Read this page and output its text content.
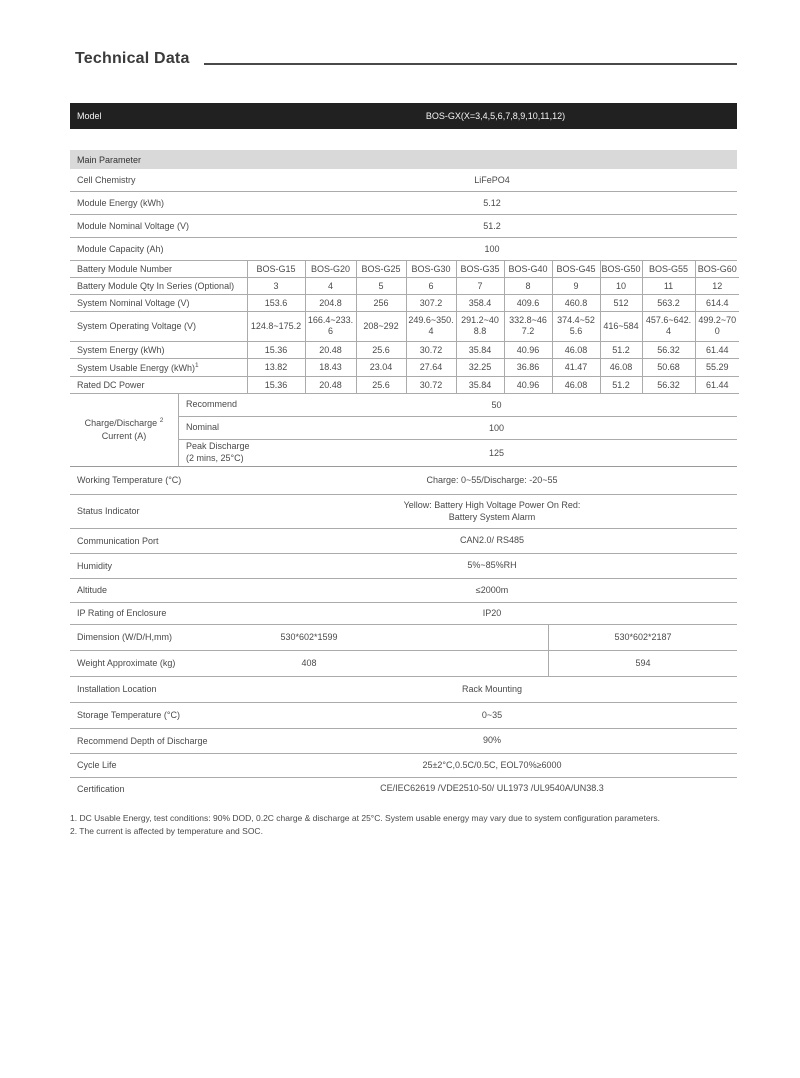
Technical Data
Model	BOS-GX(X=3,4,5,6,7,8,9,10,11,12)
Main Parameter
Cell Chemistry	LiFePO4
Module Energy (kWh)	5.12
Module Nominal Voltage (V)	51.2
Module Capacity (Ah)	100
Battery Module Number	BOS-G15	BOS-G20	BOS-G25	BOS-G30	BOS-G35	BOS-G40	BOS-G45	BOS-G50	BOS-G55	BOS-G60
Battery Module Qty In Series (Optional)	3	4	5	6	7	8	9	10	11	12
System Nominal Voltage (V)	153.6	204.8	256	307.2	358.4	409.6	460.8	512	563.2	614.4
System Operating Voltage (V)	124.8~175.2	166.4~233.6	208~292	249.6~350.4	291.2~408.8	332.8~467.2	374.4~525.6	416~584	457.6~642.4	499.2~700
System Energy (kWh)	15.36	20.48	25.6	30.72	35.84	40.96	46.08	51.2	56.32	61.44
System Usable Energy (kWh)$^1$	13.82	18.43	23.04	27.64	32.25	36.86	41.47	46.08	50.68	55.29
Rated DC Power	15.36	20.48	25.6	30.72	35.84	40.96	46.08	51.2	56.32	61.44
Charge/Discharge $^2$
Current (A)
Recommend	50
Nominal	100
Peak Discharge (2 mins, 25°C)	125
Working Temperature (°C)	Charge: 0~55/Discharge: -20~55
Status Indicator
Yellow: Battery High Voltage Power On Red:
Battery System Alarm
Communication Port	CAN2.0/ RS485
Humidity	5%~85%RH
Altitude	≤2000m
IP Rating of Enclosure	IP20
Dimension (W/D/H,mm)	530*602*1599	530*602*2187
Weight Approximate (kg)	408	594
Installation Location	Rack Mounting
Storage Temperature (°C)	0~35
Recommend Depth of Discharge	90%
Cycle Life	25±2°C,0.5C/0.5C, EOL70%≥6000
Certification	CE/IEC62619 /VDE2510-50/ UL1973 /UL9540A/UN38.3
1. DC Usable Energy, test conditions: 90% DOD, 0.2C charge & discharge at 25°C. System usable energy may vary due to system configuration parameters.
2. The current is affected by temperature and SOC.
